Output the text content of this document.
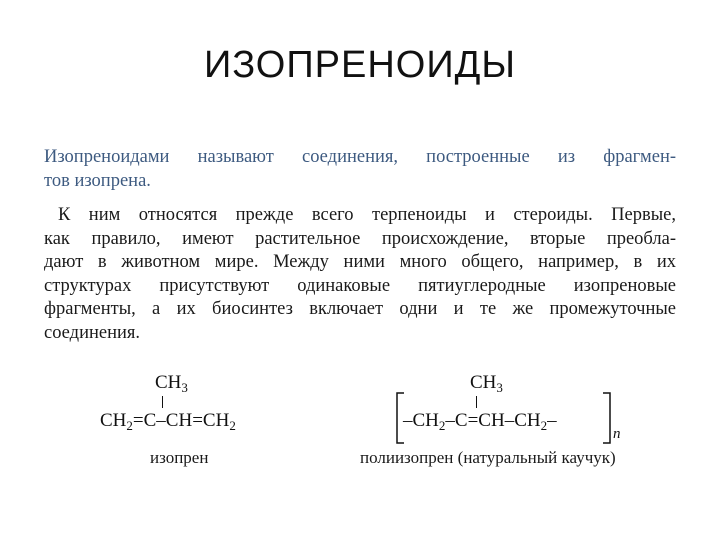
ИЗОПРЕНОИДЫ
Изопреноидами называют соединения, построенные из фрагмен-
тов изопрена.
К ним относятся прежде всего терпеноиды и стероиды. Первые,
как правило, имеют растительное происхождение, вторые преобла-
дают в животном мире. Между ними много общего, например, в их
структурах присутствуют одинаковые пятиуглеродные изопреновые
фрагменты, а их биосинтез включает одни и те же промежуточные
соединения.
$CH_3$
$CH_2=C-CH=CH_2$
изопрен
$CH_3$
$-CH_2-C=CH-CH_2-$
n
полиизопрен (натуральный каучук)
